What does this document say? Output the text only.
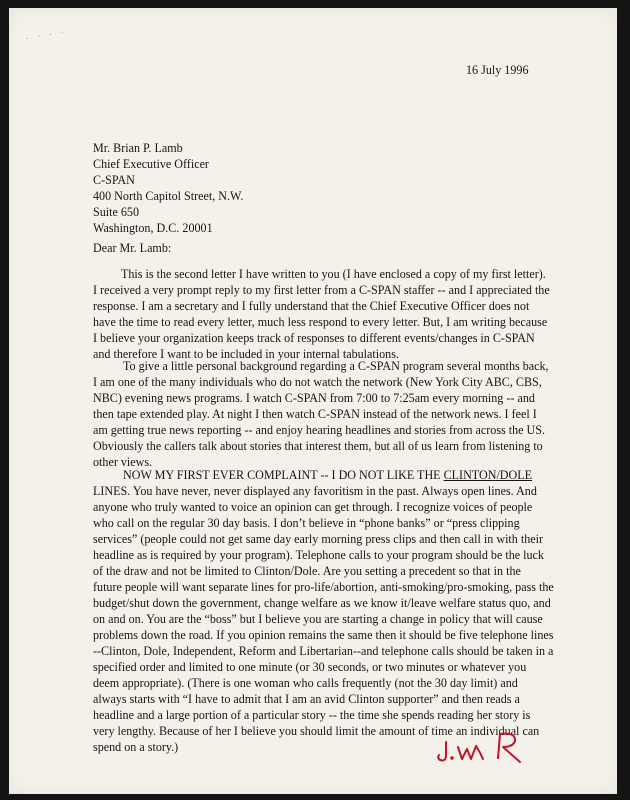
· · · ·
16 July 1996
Mr. Brian P. Lamb
Chief Executive Officer
C-SPAN
400 North Capitol Street, N.W.
Suite 650
Washington, D.C. 20001
Dear Mr. Lamb:
This is the second letter I have written to you (I have enclosed a copy of my first letter).
I received a very prompt reply to my first letter from a C-SPAN staffer -- and I appreciated the
response. I am a secretary and I fully understand that the Chief Executive Officer does not
have the time to read every letter, much less respond to every letter. But, I am writing because
I believe your organization keeps track of responses to different events/changes in C-SPAN
and therefore I want to be included in your internal tabulations.
To give a little personal background regarding a C-SPAN program several months back,
I am one of the many individuals who do not watch the network (New York City ABC, CBS,
NBC) evening news programs. I watch C-SPAN from 7:00 to 7:25am every morning -- and
then tape extended play. At night I then watch C-SPAN instead of the network news. I feel I
am getting true news reporting -- and enjoy hearing headlines and stories from across the US.
Obviously the callers talk about stories that interest them, but all of us learn from listening to
other views.
NOW MY FIRST EVER COMPLAINT -- I DO NOT LIKE THE CLINTON/DOLE
LINES. You have never, never displayed any favoritism in the past. Always open lines. And
anyone who truly wanted to voice an opinion can get through. I recognize voices of people
who call on the regular 30 day basis. I don’t believe in “phone banks” or “press clipping
services” (people could not get same day early morning press clips and then call in with their
headline as is required by your program). Telephone calls to your program should be the luck
of the draw and not be limited to Clinton/Dole. Are you setting a precedent so that in the
future people will want separate lines for pro-life/abortion, anti-smoking/pro-smoking, pass the
budget/shut down the government, change welfare as we know it/leave welfare status quo, and
on and on. You are the “boss” but I believe you are starting a change in policy that will cause
problems down the road. If you opinion remains the same then it should be five telephone lines
--Clinton, Dole, Independent, Reform and Libertarian--and telephone calls should be taken in a
specified order and limited to one minute (or 30 seconds, or two minutes or whatever you
deem appropriate). (There is one woman who calls frequently (not the 30 day limit) and
always starts with “I have to admit that I am an avid Clinton supporter” and then reads a
headline and a large portion of a particular story -- the time she spends reading her story is
very lengthy. Because of her I believe you should limit the amount of time an individual can
spend on a story.)
